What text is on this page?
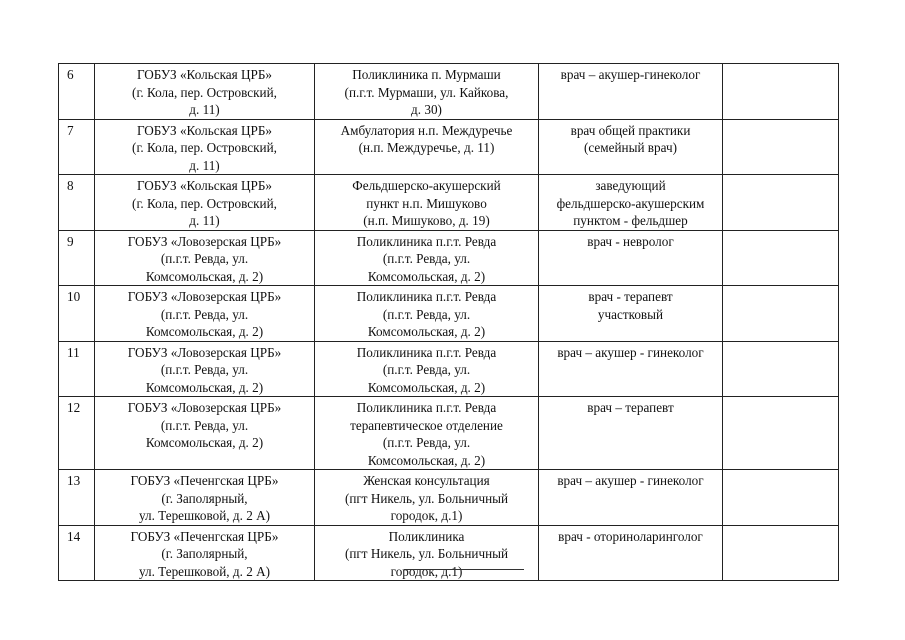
6	ГОБУЗ «Кольская ЦРБ»
(г. Кола, пер. Островский,
д. 11)	Поликлиника п. Мурмаши
(п.г.т. Мурмаши, ул. Кайкова,
д. 30)	врач – акушер-гинеколог	

7	ГОБУЗ «Кольская ЦРБ»
(г. Кола, пер. Островский,
д. 11)	Амбулатория н.п. Междуречье
(н.п. Междуречье, д. 11)	врач общей практики
(семейный врач)	

8	ГОБУЗ «Кольская ЦРБ»
(г. Кола, пер. Островский,
д. 11)	Фельдшерско-акушерский
пункт н.п. Мишуково
(н.п. Мишуково, д. 19)	заведующий
фельдшерско-акушерским
пунктом - фельдшер	

9	ГОБУЗ «Ловозерская ЦРБ»
(п.г.т. Ревда, ул.
Комсомольская, д. 2)	Поликлиника п.г.т. Ревда
(п.г.т. Ревда, ул.
Комсомольская, д. 2)	врач - невролог	

10	ГОБУЗ «Ловозерская ЦРБ»
(п.г.т. Ревда, ул.
Комсомольская, д. 2)	Поликлиника п.г.т. Ревда
(п.г.т. Ревда, ул.
Комсомольская, д. 2)	врач - терапевт
участковый	

11	ГОБУЗ «Ловозерская ЦРБ»
(п.г.т. Ревда, ул.
Комсомольская, д. 2)	Поликлиника п.г.т. Ревда
(п.г.т. Ревда, ул.
Комсомольская, д. 2)	врач – акушер - гинеколог	

12	ГОБУЗ «Ловозерская ЦРБ»
(п.г.т. Ревда, ул.
Комсомольская, д. 2)	Поликлиника п.г.т. Ревда
терапевтическое отделение
(п.г.т. Ревда, ул.
Комсомольская, д. 2)	врач – терапевт	

13	ГОБУЗ «Печенгская ЦРБ»
(г. Заполярный,
ул. Терешковой, д. 2 А)	Женская консультация
(пгт Никель, ул. Больничный
городок, д.1)	врач – акушер - гинеколог	

14	ГОБУЗ «Печенгская ЦРБ»
(г. Заполярный,
ул. Терешковой, д. 2 А)	Поликлиника
(пгт Никель, ул. Больничный
городок, д.1)	врач - оториноларинголог	
